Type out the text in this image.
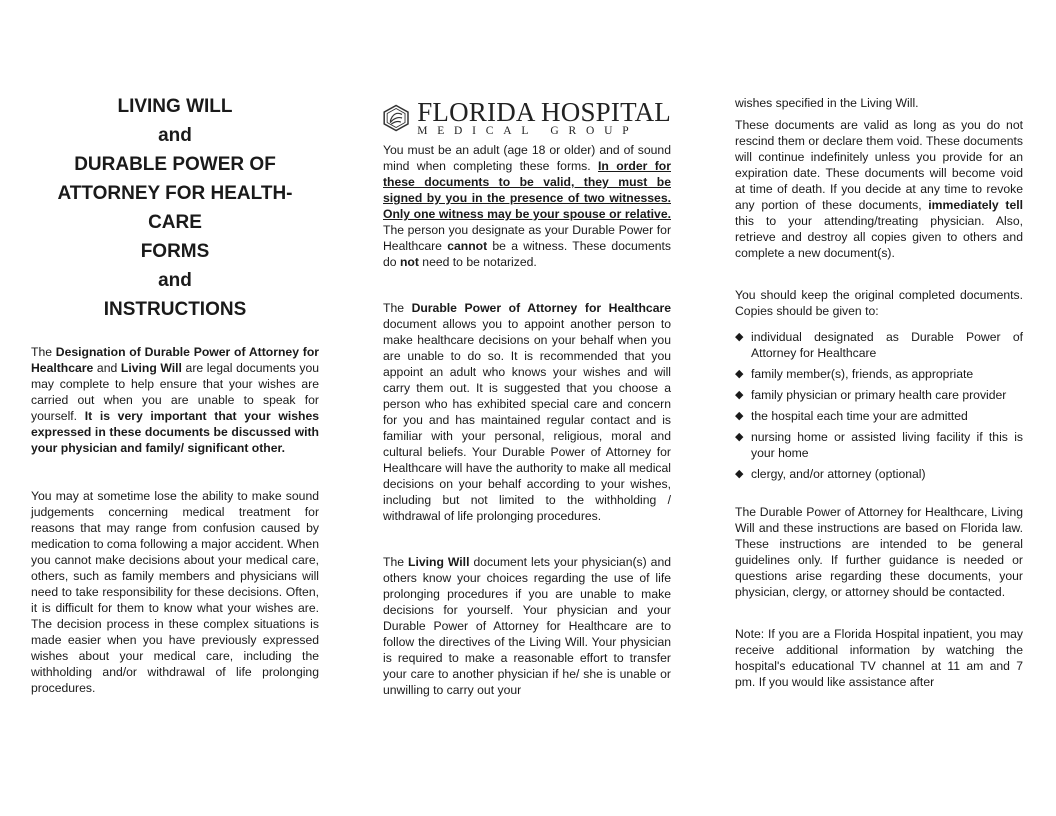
LIVING WILL
and
DURABLE POWER OF
ATTORNEY FOR HEALTH-
CARE
FORMS
and
INSTRUCTIONS

The Designation of Durable Power of Attorney for Healthcare and Living Will are legal documents you may complete to help ensure that your wishes are carried out when you are unable to speak for yourself. It is very important that your wishes expressed in these documents be discussed with your physician and family/ significant other.

You may at sometime lose the ability to make sound judgements concerning medical treatment for reasons that may range from confusion caused by medication to coma following a major accident. When you cannot make decisions about your medical care, others, such as family members and physicians will need to take responsibility for these decisions. Often, it is difficult for them to know what your wishes are. The decision process in these complex situations is made easier when you have previously expressed wishes about your medical care, including the withholding and/or withdrawal of life prolonging procedures.

FLORIDA HOSPITAL
MEDICAL GROUP

You must be an adult (age 18 or older) and of sound mind when completing these forms. In order for these documents to be valid, they must be signed by you in the presence of two witnesses. Only one witness may be your spouse or relative. The person you designate as your Durable Power for Healthcare cannot be a witness. These documents do not need to be notarized.

The Durable Power of Attorney for Healthcare document allows you to appoint another person to make healthcare decisions on your behalf when you are unable to do so. It is recommended that you appoint an adult who knows your wishes and will carry them out. It is suggested that you choose a person who has exhibited special care and concern for you and has maintained regular contact and is familiar with your personal, religious, moral and cultural beliefs. Your Durable Power of Attorney for Healthcare will have the authority to make all medical decisions on your behalf according to your wishes, including but not limited to the withholding / withdrawal of life prolonging procedures.

The Living Will document lets your physician(s) and others know your choices regarding the use of life prolonging procedures if you are unable to make decisions for yourself. Your physician and your Durable Power of Attorney for Healthcare are to follow the directives of the Living Will. Your physician is required to make a reasonable effort to transfer your care to another physician if he/ she is unable or unwilling to carry out your

wishes specified in the Living Will.

These documents are valid as long as you do not rescind them or declare them void. These documents will continue indefinitely unless you provide for an expiration date. These documents will become void at time of death. If you decide at any time to revoke any portion of these documents, immediately tell this to your attending/treating physician. Also, retrieve and destroy all copies given to others and complete a new document(s).

You should keep the original completed documents. Copies should be given to:

◆ individual designated as Durable Power of Attorney for Healthcare
◆ family member(s), friends, as appropriate
◆ family physician or primary health care provider
◆ the hospital each time your are admitted
◆ nursing home or assisted living facility if this is your home
◆ clergy, and/or attorney (optional)

The Durable Power of Attorney for Healthcare, Living Will and these instructions are based on Florida law. These instructions are intended to be general guidelines only. If further guidance is needed or questions arise regarding these documents, your physician, clergy, or attorney should be contacted.

Note: If you are a Florida Hospital inpatient, you may receive additional information by watching the hospital's educational TV channel at 11 am and 7 pm. If you would like assistance after
